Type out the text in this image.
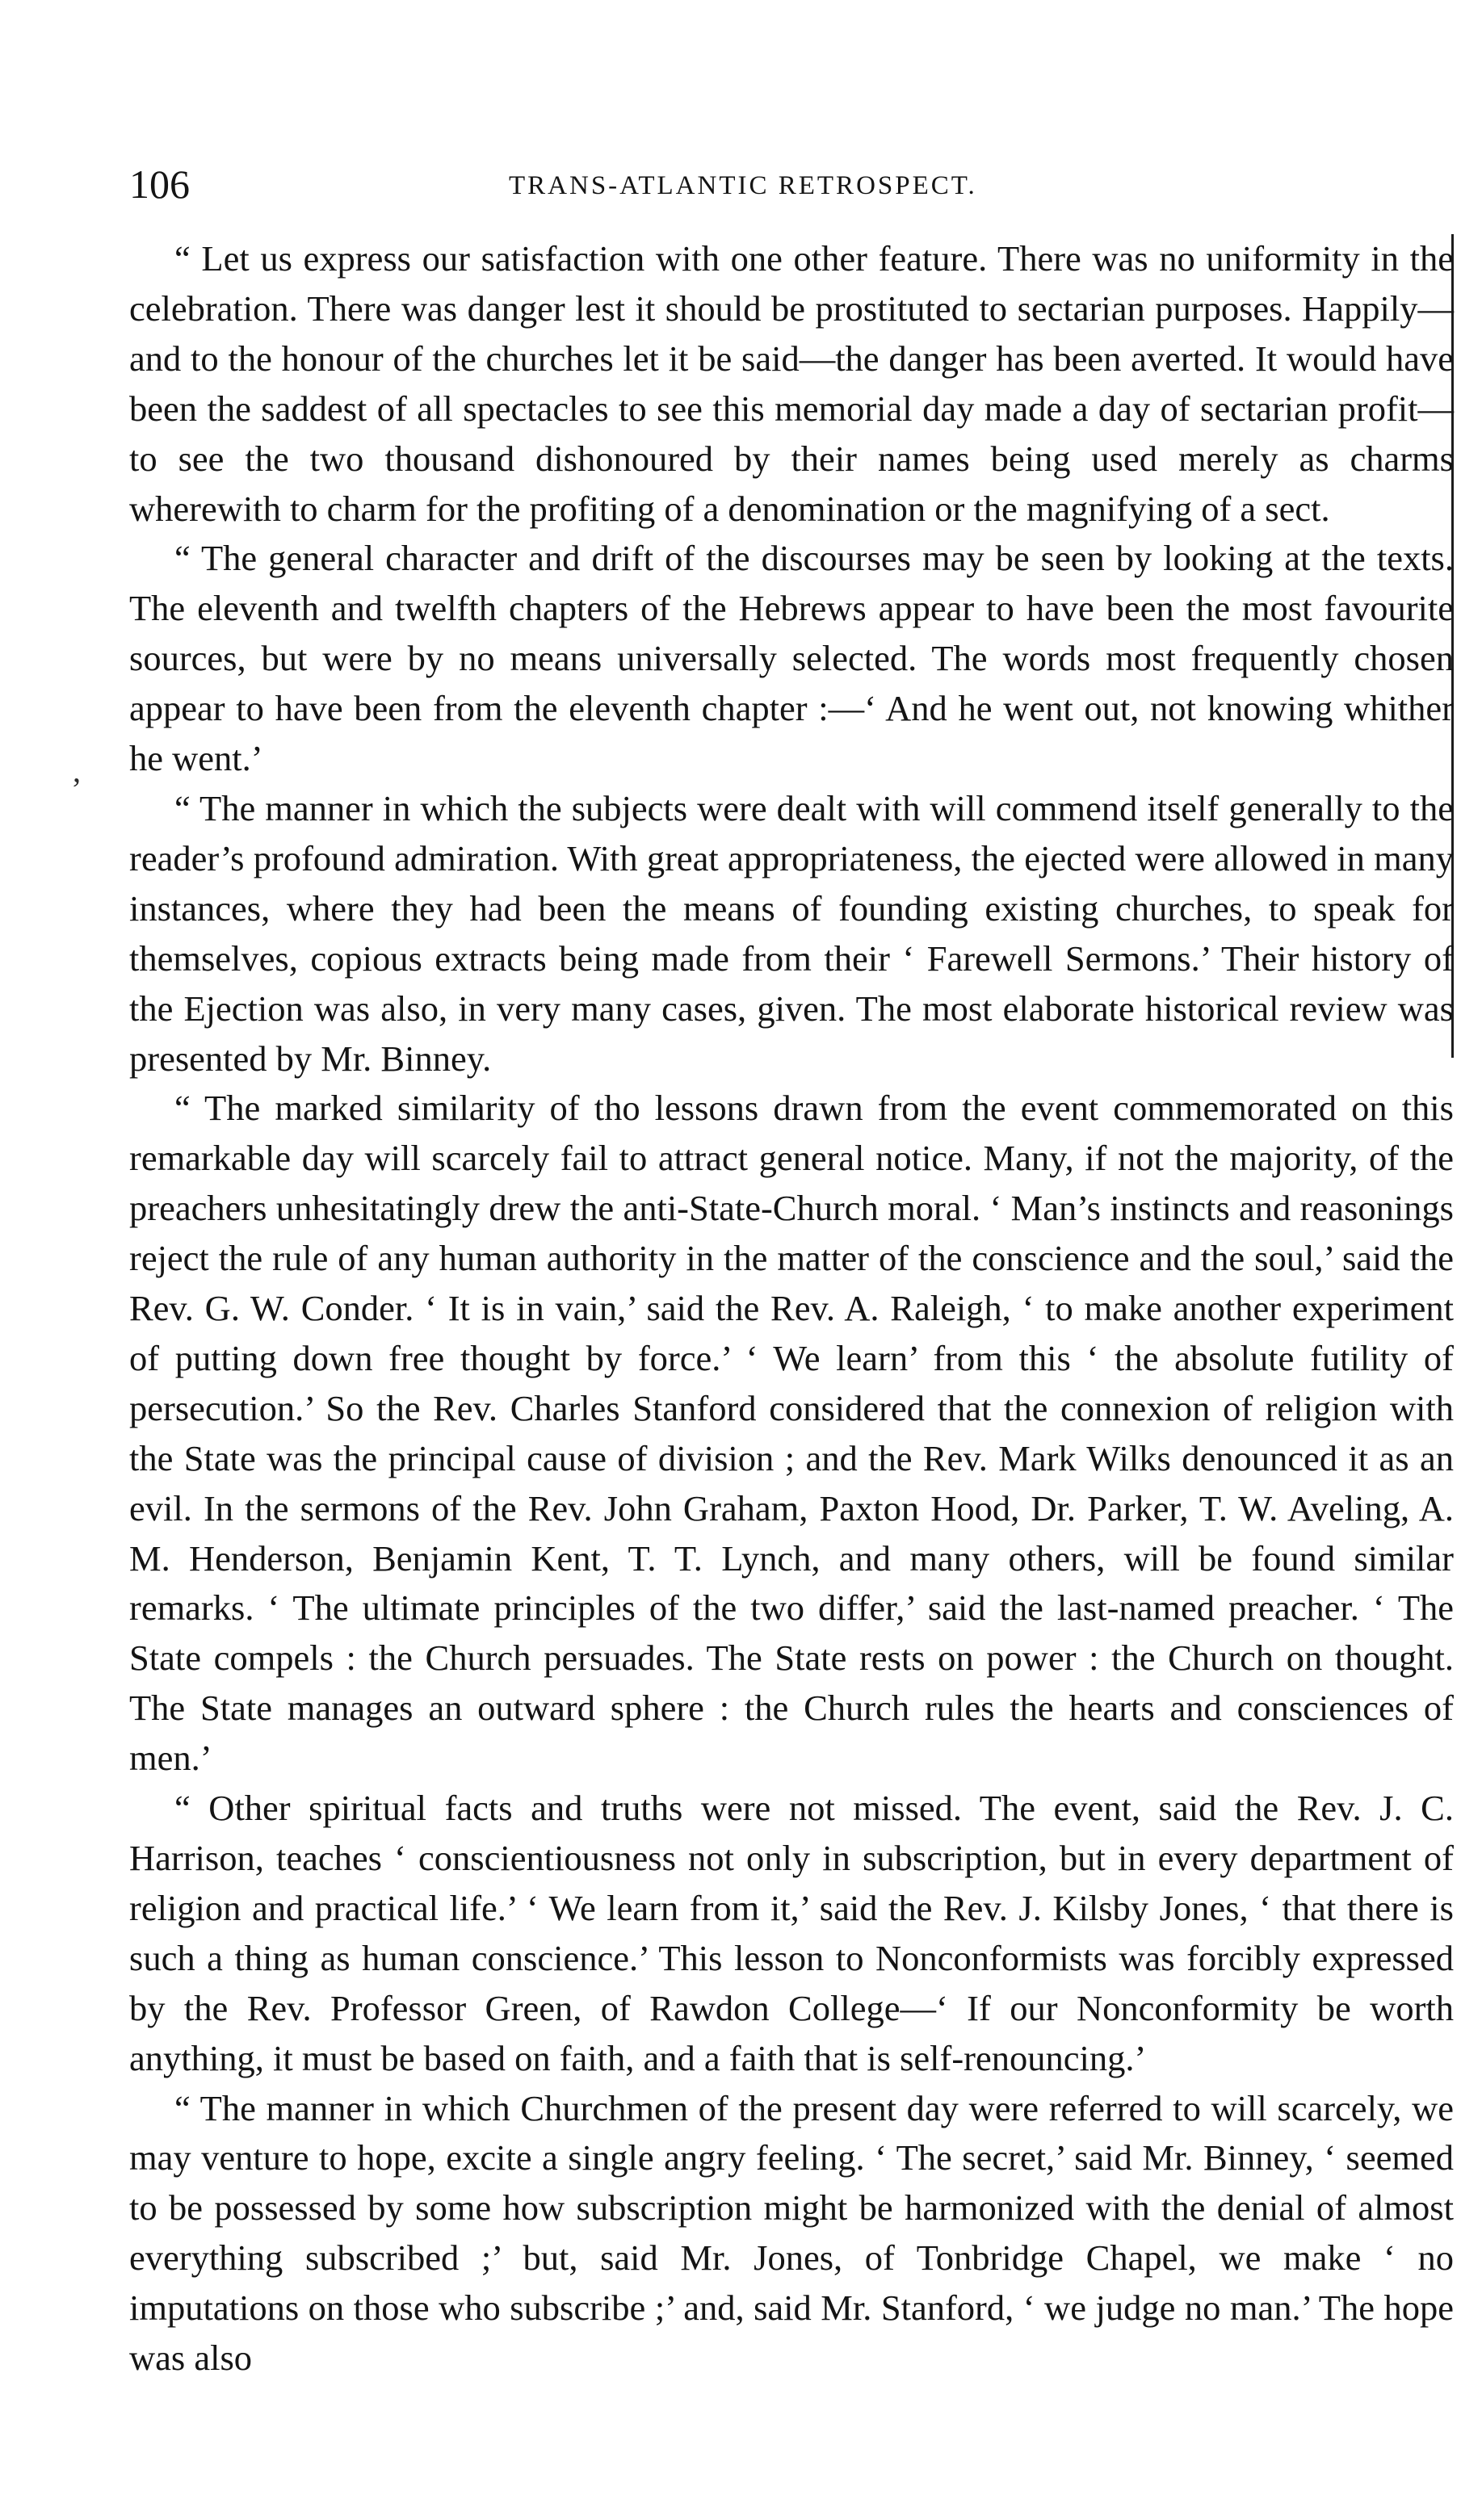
106	TRANS-ATLANTIC RETROSPECT.
,

“ Let us express our satisfaction with one other feature. There was no uniformity in the celebration. There was danger lest it should be prostituted to sectarian purposes. Happily—and to the honour of the churches let it be said—the danger has been averted. It would have been the saddest of all spectacles to see this memorial day made a day of sectarian profit—to see the two thousand dishonoured by their names being used merely as charms wherewith to charm for the profiting of a denomination or the magnifying of a sect.

“ The general character and drift of the discourses may be seen by looking at the texts. The eleventh and twelfth chapters of the Hebrews appear to have been the most favourite sources, but were by no means universally selected. The words most frequently chosen appear to have been from the eleventh chapter :—‘ And he went out, not knowing whither he went.’

“ The manner in which the subjects were dealt with will commend itself generally to the reader’s profound admiration. With great appropriateness, the ejected were allowed in many instances, where they had been the means of founding existing churches, to speak for themselves, copious extracts being made from their ‘ Farewell Sermons.’ Their history of the Ejection was also, in very many cases, given. The most elaborate historical review was presented by Mr. Binney.

“ The marked similarity of tho lessons drawn from the event commemorated on this remarkable day will scarcely fail to attract general notice. Many, if not the majority, of the preachers unhesitatingly drew the anti-State-Church moral. ‘ Man’s instincts and reasonings reject the rule of any human authority in the matter of the conscience and the soul,’ said the Rev. G. W. Conder. ‘ It is in vain,’ said the Rev. A. Raleigh, ‘ to make another experiment of putting down free thought by force.’ ‘ We learn’ from this ‘ the absolute futility of persecution.’ So the Rev. Charles Stanford considered that the connexion of religion with the State was the principal cause of division ; and the Rev. Mark Wilks denounced it as an evil. In the sermons of the Rev. John Graham, Paxton Hood, Dr. Parker, T. W. Aveling, A. M. Henderson, Benjamin Kent, T. T. Lynch, and many others, will be found similar remarks. ‘ The ultimate principles of the two differ,’ said the last-named preacher. ‘ The State compels : the Church persuades. The State rests on power : the Church on thought. The State manages an outward sphere : the Church rules the hearts and consciences of men.’

“ Other spiritual facts and truths were not missed. The event, said the Rev. J. C. Harrison, teaches ‘ conscientiousness not only in subscription, but in every department of religion and practical life.’ ‘ We learn from it,’ said the Rev. J. Kilsby Jones, ‘ that there is such a thing as human conscience.’ This lesson to Nonconformists was forcibly expressed by the Rev. Professor Green, of Rawdon College—‘ If our Nonconformity be worth anything, it must be based on faith, and a faith that is self-renouncing.’

“ The manner in which Churchmen of the present day were referred to will scarcely, we may venture to hope, excite a single angry feeling. ‘ The secret,’ said Mr. Binney, ‘ seemed to be possessed by some how subscription might be harmonized with the denial of almost everything subscribed ;’ but, said Mr. Jones, of Tonbridge Chapel, we make ‘ no imputations on those who subscribe ;’ and, said Mr. Stanford, ‘ we judge no man.’ The hope was also
